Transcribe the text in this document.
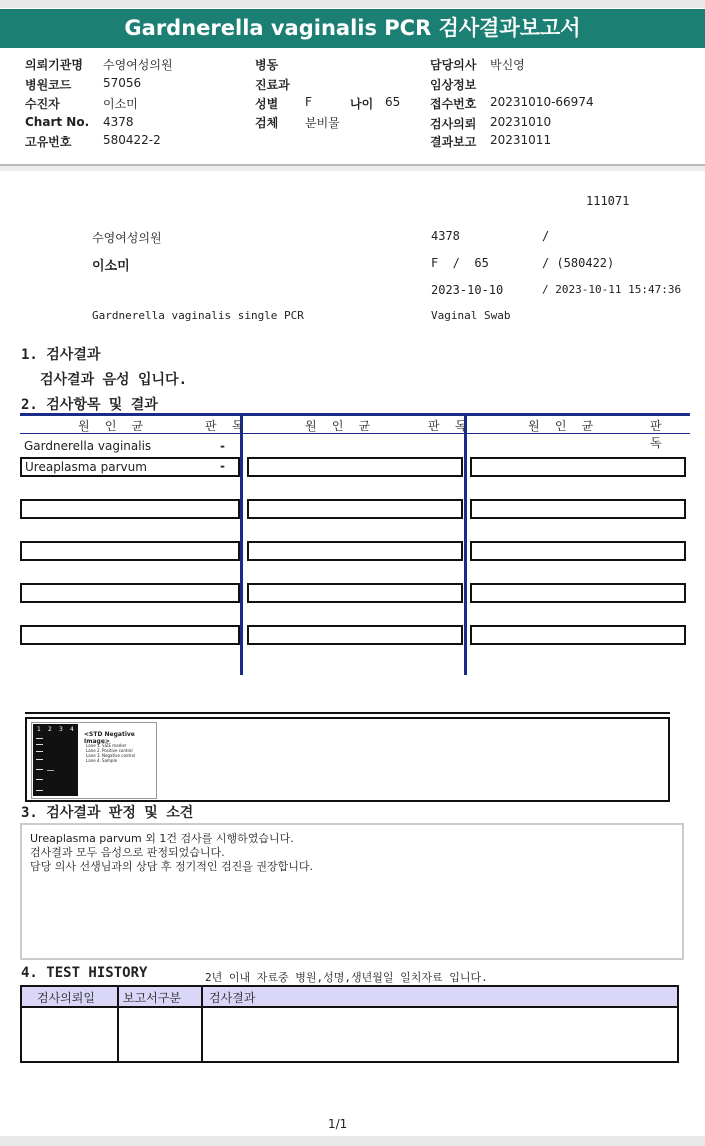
Gardnerella vaginalis PCR 검사결과보고서
의뢰기관명 수영여성의원
병원코드	57056
수진자	이소미
Chart No. 4378
고유번호	580422-2
병동
진료과
성별 F	나이 65
검체 분비물
담당의사 박신영
임상정보
접수번호 20231010-66974
검사의뢰 20231010
결과보고 20231011
111071
수영여성의원	4378	/
이소미	F  /  65	/ (580422)
2023-10-10	/ 2023-10-11 15:47:36
Gardnerella vaginalis single PCR	Vaginal Swab
1. 검사결과
검사결과 음성 입니다.
2. 검사항목 및 결과
원 인 균	판 독	원 인 균	판 독	원 인 균	판 독
Gardnerella vaginalis	-
Ureaplasma parvum	-
1 2 3 4
<STD Negative Image>
Lane 1. SIZE marker
Lane 2. Positive control
Lane 3. Negative control
Lane 4. Sample
3. 검사결과 판정 및 소견
Ureaplasma parvum 외 1건 검사를 시행하였습니다.
검사결과 모두 음성으로 판정되었습니다.
담당 의사 선생님과의 상담 후 정기적인 검진을 권장합니다.
4. TEST HISTORY	2년 이내 자료중 병원,성명,생년월일 일치자료 입니다.
검사의뢰일 보고서구분 검사결과
1/1
